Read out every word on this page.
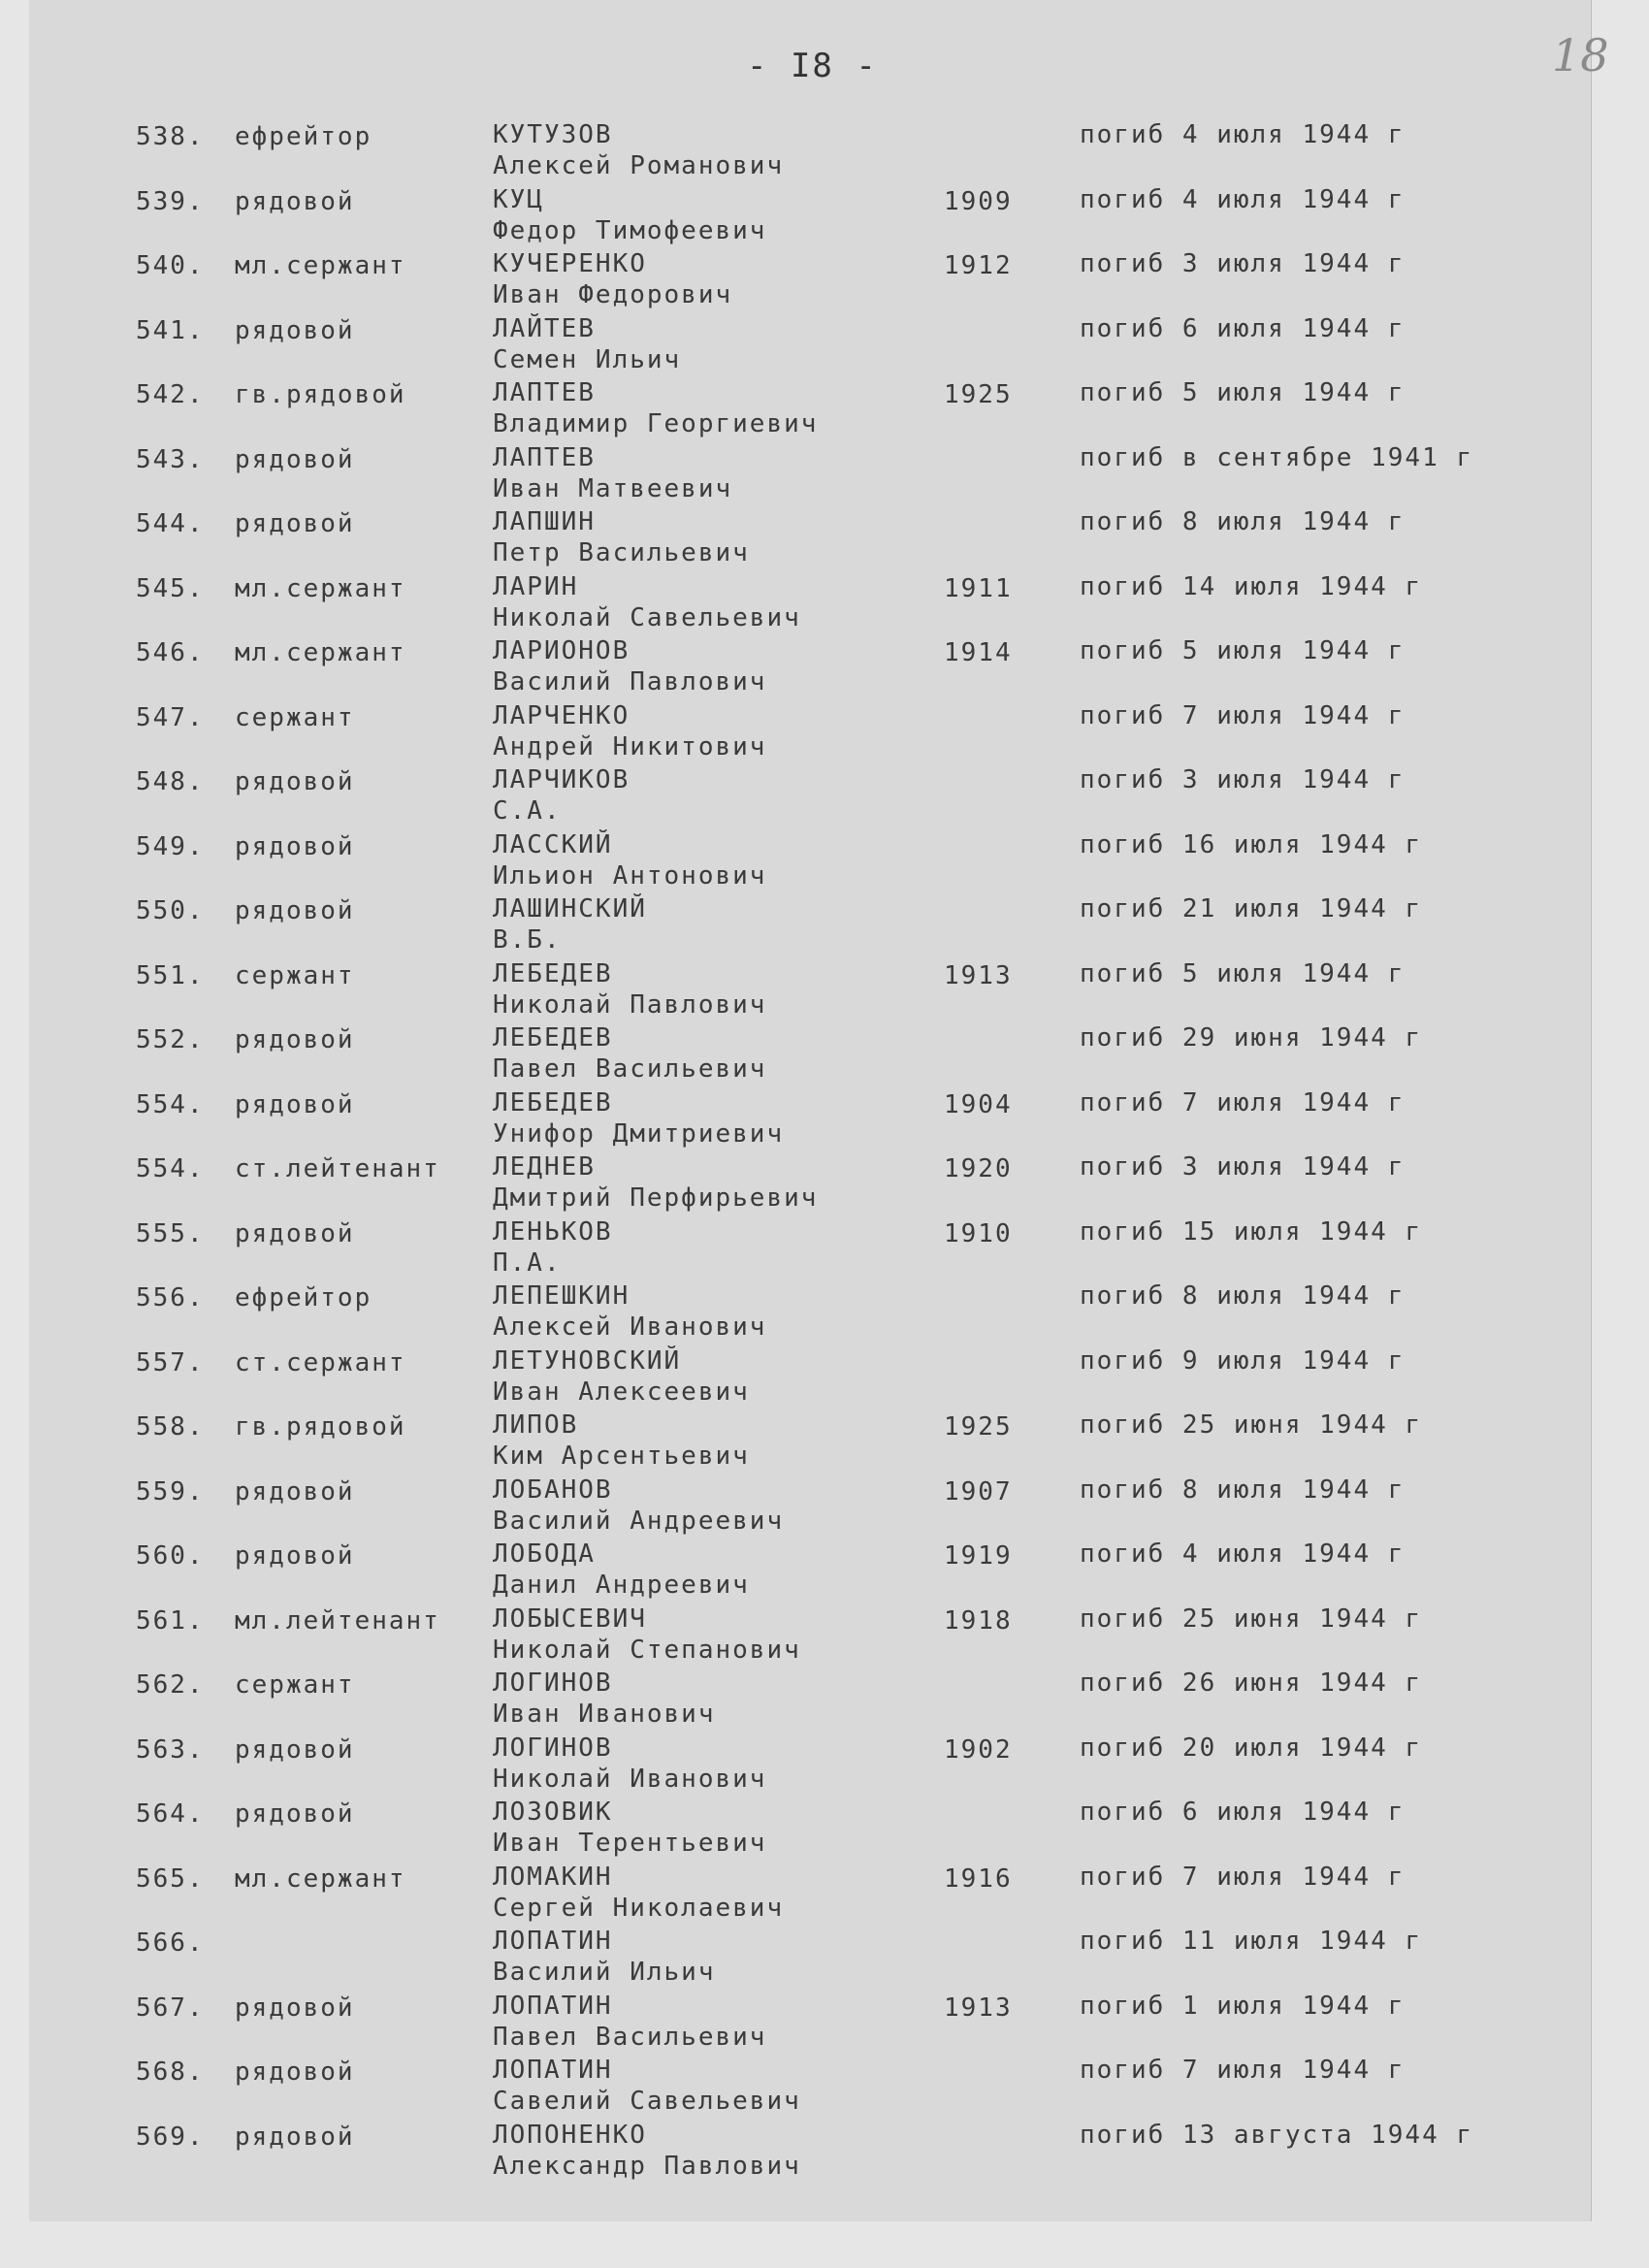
- I8 -	18
538. ефрейтор	КУТУЗОВ	погиб 4 июля 1944 г
Алексей Романович
539. рядовой	КУЦ	1909	погиб 4 июля 1944 г
Федор Тимофеевич
540. мл.сержант	КУЧЕРЕНКО	1912	погиб 3 июля 1944 г
Иван Федорович
541. рядовой	ЛАЙТЕВ	погиб 6 июля 1944 г
Семен Ильич
542. гв.рядовой	ЛАПТЕВ	1925	погиб 5 июля 1944 г
Владимир Георгиевич
543. рядовой	ЛАПТЕВ	погиб в сентябре 1941 г
Иван Матвеевич
544. рядовой	ЛАПШИН	погиб 8 июля 1944 г
Петр Васильевич
545. мл.сержант	ЛАРИН	1911	погиб 14 июля 1944 г
Николай Савельевич
546. мл.сержант	ЛАРИОНОВ	1914	погиб 5 июля 1944 г
Василий Павлович
547. сержант	ЛАРЧЕНКО	погиб 7 июля 1944 г
Андрей Никитович
548. рядовой	ЛАРЧИКОВ	погиб 3 июля 1944 г
С.А.
549. рядовой	ЛАССКИЙ	погиб 16 июля 1944 г
Ильион Антонович
550. рядовой	ЛАШИНСКИЙ	погиб 21 июля 1944 г
В.Б.
551. сержант	ЛЕБЕДЕВ	1913	погиб 5 июля 1944 г
Николай Павлович
552. рядовой	ЛЕБЕДЕВ	погиб 29 июня 1944 г
Павел Васильевич
554. рядовой	ЛЕБЕДЕВ	1904	погиб 7 июля 1944 г
Унифор Дмитриевич
554. ст.лейтенант ЛЕДНЕВ	1920	погиб 3 июля 1944 г
Дмитрий Перфирьевич
555. рядовой	ЛЕНЬКОВ	1910	погиб 15 июля 1944 г
П.А.
556. ефрейтор	ЛЕПЕШКИН	погиб 8 июля 1944 г
Алексей Иванович
557. ст.сержант	ЛЕТУНОВСКИЙ	погиб 9 июля 1944 г
Иван Алексеевич
558. гв.рядовой	ЛИПОВ	1925	погиб 25 июня 1944 г
Ким Арсентьевич
559. рядовой	ЛОБАНОВ	1907	погиб 8 июля 1944 г
Василий Андреевич
560. рядовой	ЛОБОДА	1919	погиб 4 июля 1944 г
Данил Андреевич
561. мл.лейтенант ЛОБЫСЕВИЧ	1918	погиб 25 июня 1944 г
Николай Степанович
562. сержант	ЛОГИНОВ	погиб 26 июня 1944 г
Иван Иванович
563. рядовой	ЛОГИНОВ	1902	погиб 20 июля 1944 г
Николай Иванович
564. рядовой	ЛОЗОВИК	погиб 6 июля 1944 г
Иван Терентьевич
565. мл.сержант	ЛОМАКИН	1916	погиб 7 июля 1944 г
Сергей Николаевич
566.	ЛОПАТИН	погиб 11 июля 1944 г
Василий Ильич
567. рядовой	ЛОПАТИН	1913	погиб 1 июля 1944 г
Павел Васильевич
568. рядовой	ЛОПАТИН	погиб 7 июля 1944 г
Савелий Савельевич
569. рядовой	ЛОПОНЕНКО	погиб 13 августа 1944 г
Александр Павлович
